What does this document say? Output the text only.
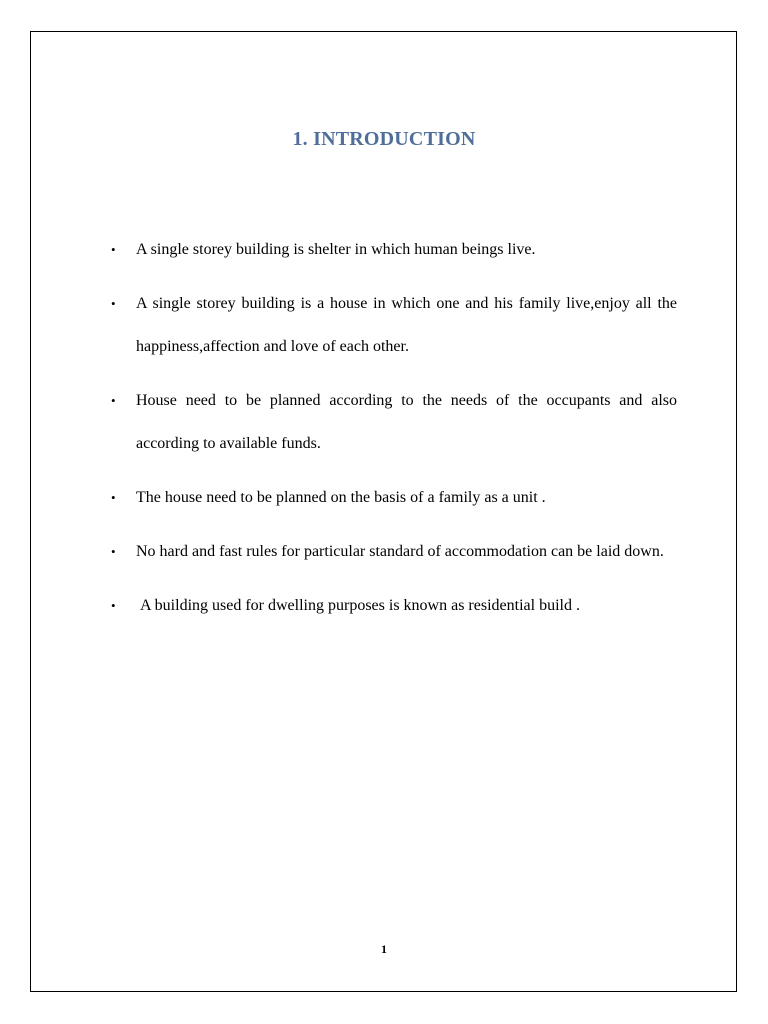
1. INTRODUCTION
• A single storey building is shelter in which human beings live.
• A single storey building is a house in which one and his family live,enjoy all the happiness,affection and love of each other.
• House need to be planned according to the needs of the occupants and also according to available funds.
• The house need to be planned on the basis of a family as a unit .
• No hard and fast rules for particular standard of accommodation can be laid down.
• A building used for dwelling purposes is known as residential build .
1
